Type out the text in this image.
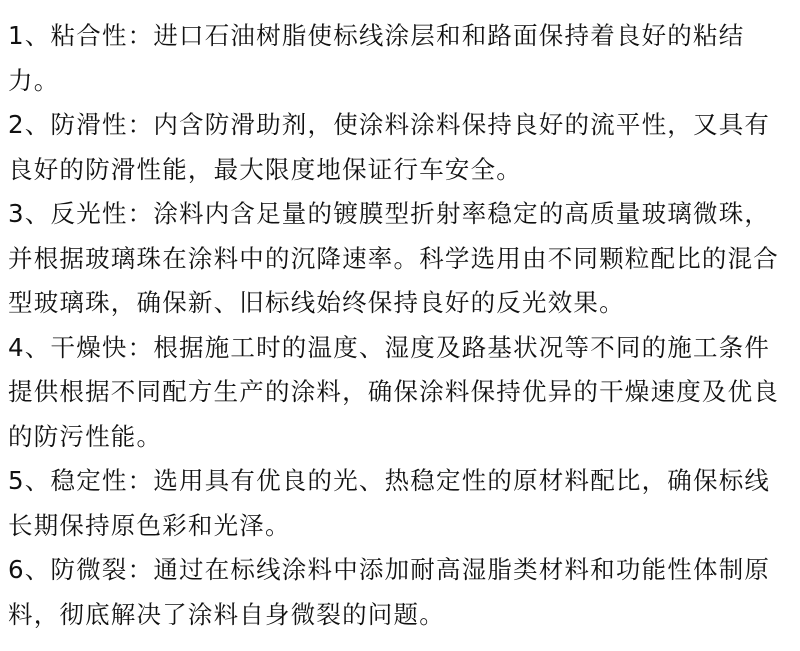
1、粘合性：进口石油树脂使标线涂层和和路面保持着良好的粘结力。

2、防滑性：内含防滑助剂，使涂料涂料保持良好的流平性，又具有良好的防滑性能，最大限度地保证行车安全。

3、反光性：涂料内含足量的镀膜型折射率稳定的高质量玻璃微珠，并根据玻璃珠在涂料中的沉降速率。科学选用由不同颗粒配比的混合型玻璃珠，确保新、旧标线始终保持良好的反光效果。

4、干燥快：根据施工时的温度、湿度及路基状况等不同的施工条件提供根据不同配方生产的涂料，确保涂料保持优异的干燥速度及优良的防污性能。

5、稳定性：选用具有优良的光、热稳定性的原材料配比，确保标线长期保持原色彩和光泽。

6、防微裂：通过在标线涂料中添加耐高湿脂类材料和功能性体制原料，彻底解决了涂料自身微裂的问题。
